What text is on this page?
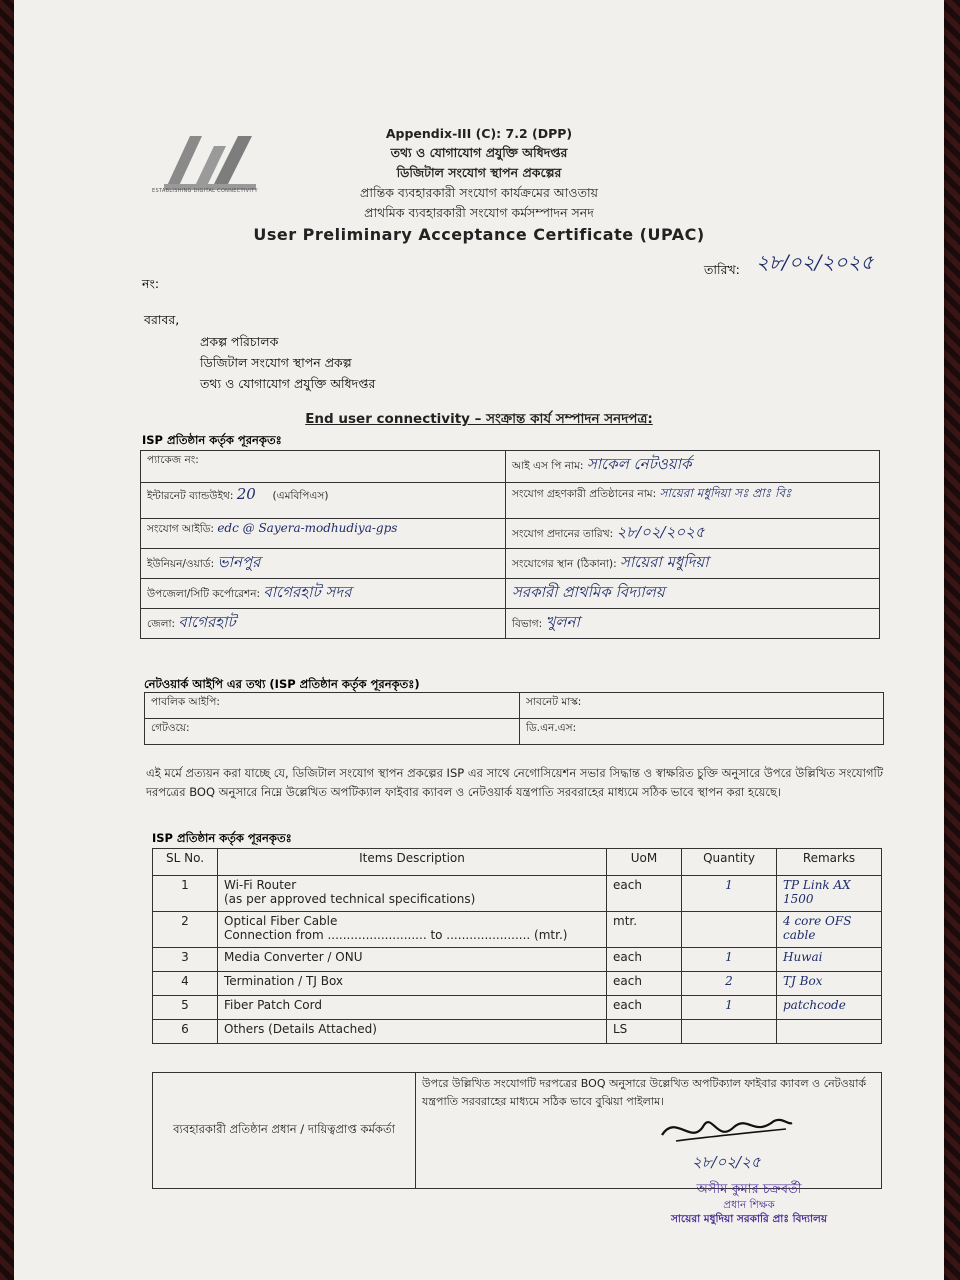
ESTABLISHING DIGITAL CONNECTIVITY
Appendix-III (C): 7.2 (DPP)
তথ্য ও যোগাযোগ প্রযুক্তি অধিদপ্তর
ডিজিটাল সংযোগ স্থাপন প্রকল্পের
প্রান্তিক ব্যবহারকারী সংযোগ কার্যক্রমের আওতায়
প্রাথমিক ব্যবহারকারী সংযোগ কর্মসম্পাদন সনদ
User Preliminary Acceptance Certificate (UPAC)
নং:
তারিখ: ২৮/০২/২০২৫
বরাবর,
প্রকল্প পরিচালক
ডিজিটাল সংযোগ স্থাপন প্রকল্প
তথ্য ও যোগাযোগ প্রযুক্তি অধিদপ্তর
End user connectivity – সংক্রান্ত কার্য সম্পাদন সনদপত্র:
ISP প্রতিষ্ঠান কর্তৃক পূরনকৃতঃ
প্যাকেজ নং:	আই এস পি নাম: সাকেল নেটওয়ার্ক
ইন্টারনেট ব্যান্ডউইথ: 20 (এমবিপিএস)	সংযোগ গ্রহণকারী প্রতিষ্ঠানের নাম: সায়েরা মধুদিয়া সঃ প্রাঃ বিঃ
সংযোগ আইডি: edc @ Sayera-modhudiya-gps	সংযোগ প্রদানের তারিখ: ২৮/০২/২০২৫
ইউনিয়ন/ওয়ার্ড: ভানপুর	সংযোগের স্থান (ঠিকানা): সায়েরা মধুদিয়া
উপজেলা/সিটি কর্পোরেশন: বাগেরহাট সদর	সরকারী প্রাথমিক বিদ্যালয়
জেলা: বাগেরহাট	বিভাগ: খুলনা
নেটওয়ার্ক আইপি এর তথ্য (ISP প্রতিষ্ঠান কর্তৃক পূরনকৃতঃ)
পাবলিক আইপি:	সাবনেট মাস্ক:
গেটওয়ে:	ডি.এন.এস:
এই মর্মে প্রত্যয়ন করা যাচ্ছে যে, ডিজিটাল সংযোগ স্থাপন প্রকল্পের ISP এর সাথে নেগোসিয়েশন সভার সিদ্ধান্ত ও স্বাক্ষরিত চুক্তি অনুসারে উপরে উল্লিখিত সংযোগটি দরপত্রের BOQ অনুসারে নিম্নে উল্লেখিত অপটিক্যাল ফাইবার ক্যাবল ও নেটওয়ার্ক যন্ত্রপাতি সরবরাহের মাধ্যমে সঠিক ভাবে স্থাপন করা হয়েছে।
ISP প্রতিষ্ঠান কর্তৃক পূরনকৃতঃ
SL No.	Items Description	UoM	Quantity	Remarks
1	Wi-Fi Router
(as per approved technical specifications)	each	1	TP Link AX 1500
2	Optical Fiber Cable
Connection from .......................... to ...................... (mtr.)	mtr.		4 core OFS cable
3	Media Converter / ONU	each	1	Huwai
4	Termination / TJ Box	each	2	TJ Box
5	Fiber Patch Cord	each	1	patchcode
6	Others (Details Attached)	LS		
ব্যবহারকারী প্রতিষ্ঠান প্রধান / দায়িত্বপ্রাপ্ত কর্মকর্তা	
উপরে উল্লিখিত সংযোগটি দরপত্রের BOQ অনুসারে উল্লেখিত অপটিক্যাল ফাইবার ক্যাবল ও নেটওয়ার্ক যন্ত্রপাতি সরবরাহের মাধ্যমে সঠিক ভাবে বুঝিয়া পাইলাম।
২৮/০২/২৫
অসীম কুমার চক্রবর্তী
প্রধান শিক্ষক
সায়েরা মধুদিয়া সরকারি প্রাঃ বিদ্যালয়
